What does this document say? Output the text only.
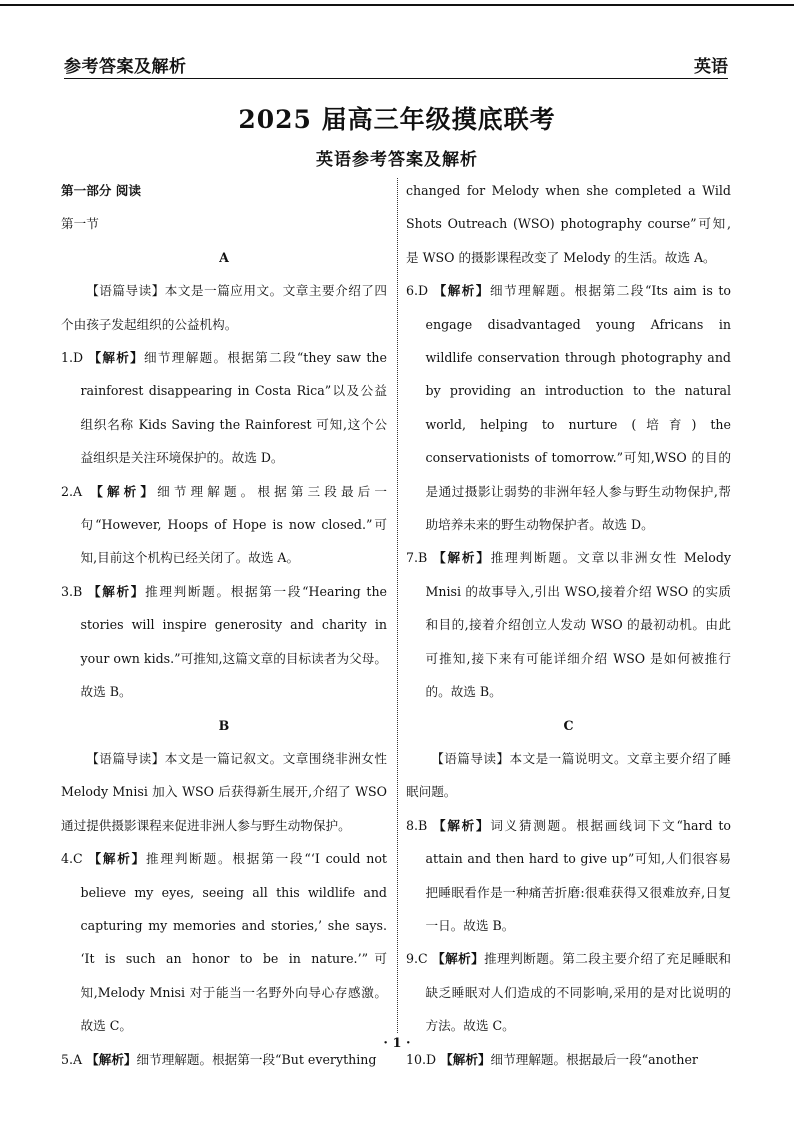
参考答案及解析	英语
2025 届高三年级摸底联考
英语参考答案及解析

第一部分 阅读

第一节

A

【语篇导读】本文是一篇应用文。文章主要介绍了四个由孩子发起组织的公益机构。

1.D 【解析】细节理解题。根据第二段“they saw the rainforest disappearing in Costa Rica”以及公益组织名称 Kids Saving the Rainforest 可知,这个公益组织是关注环境保护的。故选 D。

2.A 【解析】细节理解题。根据第三段最后一句“However, Hoops of Hope is now closed.”可知,目前这个机构已经关闭了。故选 A。

3.B 【解析】推理判断题。根据第一段“Hearing the stories will inspire generosity and charity in your own kids.”可推知,这篇文章的目标读者为父母。故选 B。

B

【语篇导读】本文是一篇记叙文。文章围绕非洲女性 Melody Mnisi 加入 WSO 后获得新生展开,介绍了 WSO 通过提供摄影课程来促进非洲人参与野生动物保护。

4.C 【解析】推理判断题。根据第一段“‘I could not believe my eyes, seeing all this wildlife and capturing my memories and stories,’ she says. ‘It is such an honor to be in nature.’”可知,Melody Mnisi 对于能当一名野外向导心存感激。故选 C。

5.A 【解析】细节理解题。根据第一段“But everything

changed for Melody when she completed a Wild Shots Outreach (WSO) photography course”可知,是 WSO 的摄影课程改变了 Melody 的生活。故选 A。

6.D 【解析】细节理解题。根据第二段“Its aim is to engage disadvantaged young Africans in wildlife conservation through photography and by providing an introduction to the natural world, helping to nurture (培育) the conservationists of tomorrow.”可知,WSO 的目的是通过摄影让弱势的非洲年轻人参与野生动物保护,帮助培养未来的野生动物保护者。故选 D。

7.B 【解析】推理判断题。文章以非洲女性 Melody Mnisi 的故事导入,引出 WSO,接着介绍 WSO 的实质和目的,接着介绍创立人发动 WSO 的最初动机。由此可推知,接下来有可能详细介绍 WSO 是如何被推行的。故选 B。

C

【语篇导读】本文是一篇说明文。文章主要介绍了睡眠问题。

8.B 【解析】词义猜测题。根据画线词下文“hard to attain and then hard to give up”可知,人们很容易把睡眠看作是一种痛苦折磨:很难获得又很难放弃,日复一日。故选 B。

9.C 【解析】推理判断题。第二段主要介绍了充足睡眠和缺乏睡眠对人们造成的不同影响,采用的是对比说明的方法。故选 C。

10.D 【解析】细节理解题。根据最后一段“another

· 1 ·
